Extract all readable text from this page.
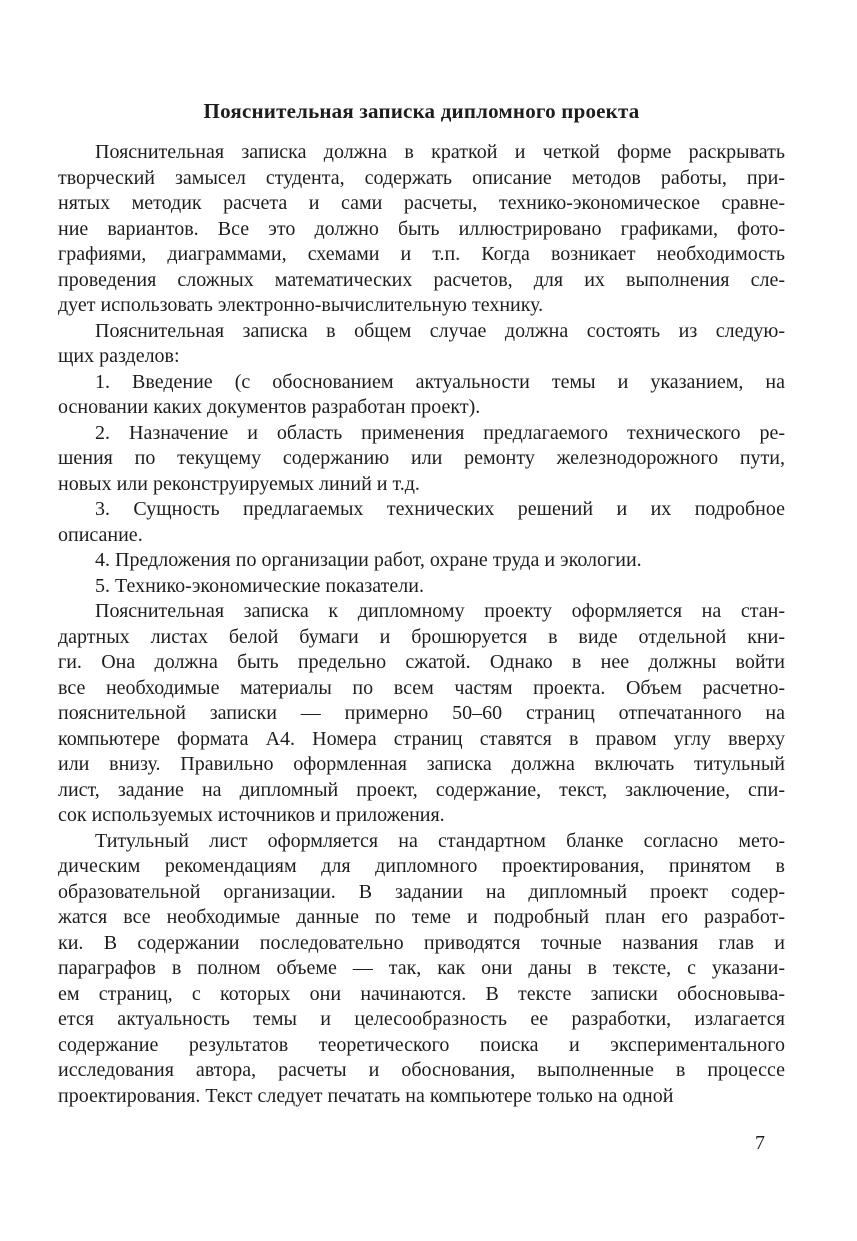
Пояснительная записка дипломного проекта
Пояснительная записка должна в краткой и четкой форме раскрывать
творческий замысел студента, содержать описание методов работы, при-
нятых методик расчета и сами расчеты, технико-экономическое сравне-
ние вариантов. Все это должно быть иллюстрировано графиками, фото-
графиями, диаграммами, схемами и т.п. Когда возникает необходимость
проведения сложных математических расчетов, для их выполнения сле-
дует использовать электронно-вычислительную технику.
Пояснительная записка в общем случае должна состоять из следую-
щих разделов:
1. Введение (с обоснованием актуальности темы и указанием, на
основании каких документов разработан проект).
2. Назначение и область применения предлагаемого технического ре-
шения по текущему содержанию или ремонту железнодорожного пути,
новых или реконструируемых линий и т.д.
3. Сущность предлагаемых технических решений и их подробное
описание.
4. Предложения по организации работ, охране труда и экологии.
5. Технико-экономические показатели.
Пояснительная записка к дипломному проекту оформляется на стан-
дартных листах белой бумаги и брошюруется в виде отдельной кни-
ги. Она должна быть предельно сжатой. Однако в нее должны войти
все необходимые материалы по всем частям проекта. Объем расчетно-
пояснительной записки — примерно 50–60 страниц отпечатанного на
компьютере формата А4. Номера страниц ставятся в правом углу вверху
или внизу. Правильно оформленная записка должна включать титульный
лист, задание на дипломный проект, содержание, текст, заключение, спи-
сок используемых источников и приложения.
Титульный лист оформляется на стандартном бланке согласно мето-
дическим рекомендациям для дипломного проектирования, принятом в
образовательной организации. В задании на дипломный проект содер-
жатся все необходимые данные по теме и подробный план его разработ-
ки. В содержании последовательно приводятся точные названия глав и
параграфов в полном объеме — так, как они даны в тексте, с указани-
ем страниц, с которых они начинаются. В тексте записки обосновыва-
ется актуальность темы и целесообразность ее разработки, излагается
содержание результатов теоретического поиска и экспериментального
исследования автора, расчеты и обоснования, выполненные в процессе
проектирования. Текст следует печатать на компьютере только на одной
7
